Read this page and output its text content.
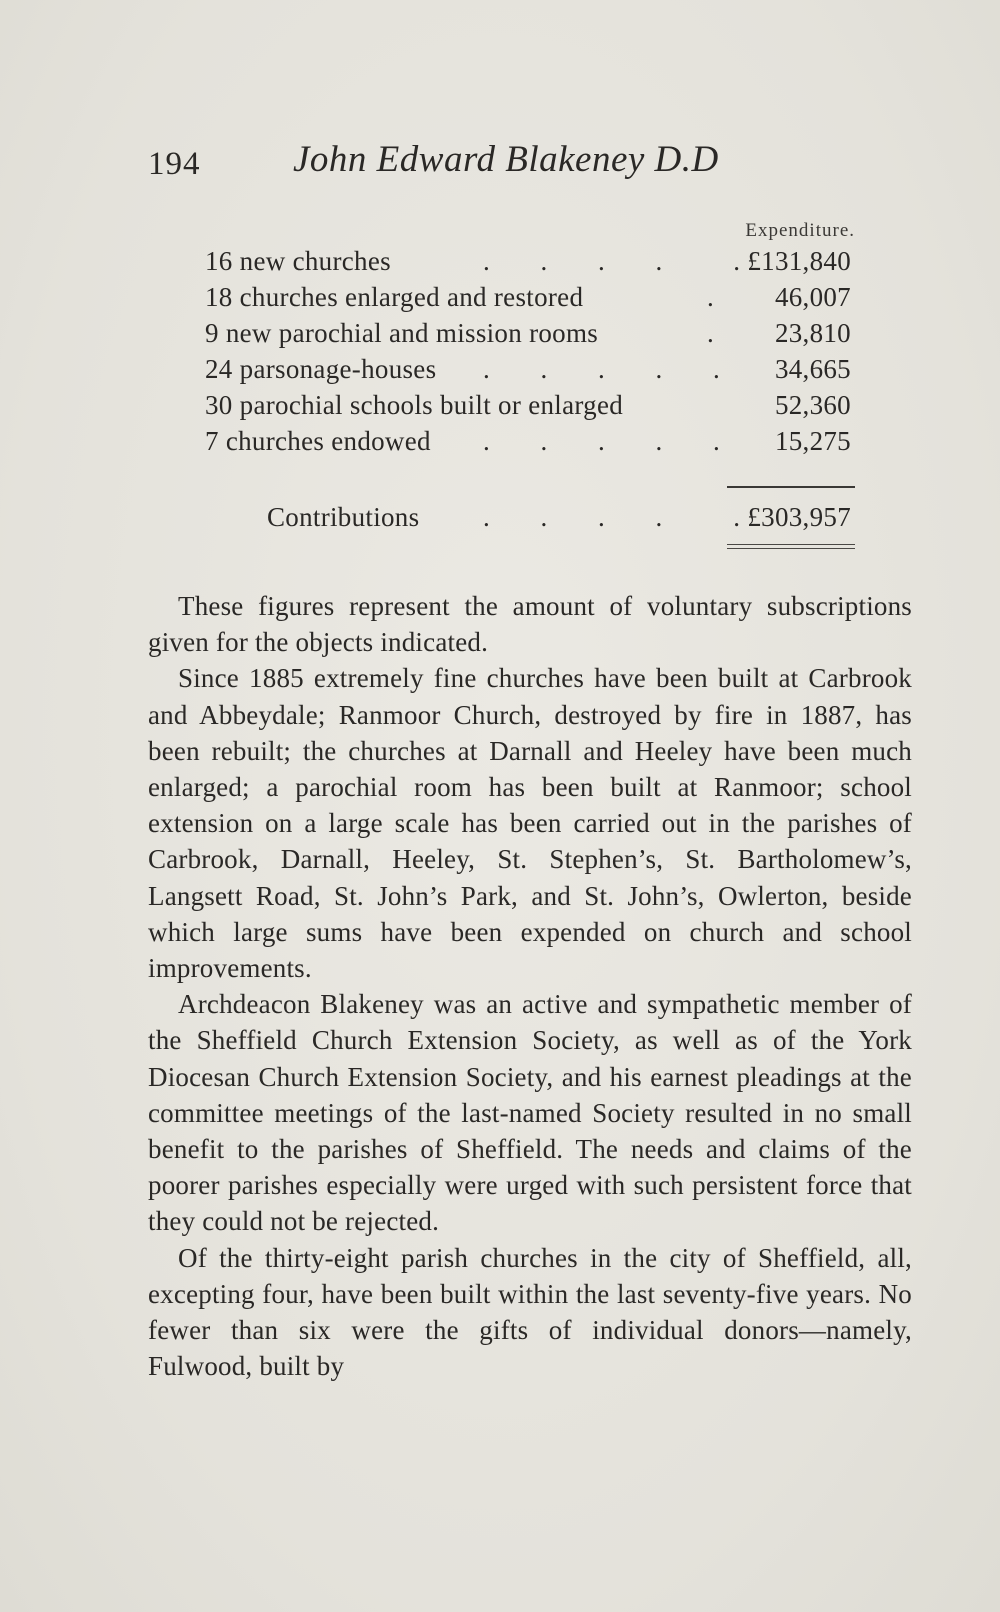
194	John Edward Blakeney D.D
Expenditure.
16 new churches	. . . . . £131,840
18 churches enlarged and restored	. 46,007
9 new parochial and mission rooms	. 23,810
24 parsonage-houses . . . . . 34,665
30 parochial schools built or enlarged	52,360
7 churches endowed . . . . . 15,275
Contributions . . . . . £303,957

These figures represent the amount of voluntary subscriptions given for the objects indicated.

Since 1885 extremely fine churches have been built at Carbrook and Abbeydale; Ranmoor Church, destroyed by fire in 1887, has been rebuilt; the churches at Darnall and Heeley have been much enlarged; a parochial room has been built at Ranmoor; school extension on a large scale has been carried out in the parishes of Carbrook, Darnall, Heeley, St. Stephen’s, St. Bartholomew’s, Langsett Road, St. John’s Park, and St. John’s, Owlerton, beside which large sums have been expended on church and school improvements.

Archdeacon Blakeney was an active and sympathetic member of the Sheffield Church Extension Society, as well as of the York Diocesan Church Extension Society, and his earnest pleadings at the committee meetings of the last-named Society resulted in no small benefit to the parishes of Sheffield. The needs and claims of the poorer parishes especially were urged with such persistent force that they could not be rejected.

Of the thirty-eight parish churches in the city of Sheffield, all, excepting four, have been built within the last seventy-five years. No fewer than six were the gifts of individual donors—namely, Fulwood, built by
